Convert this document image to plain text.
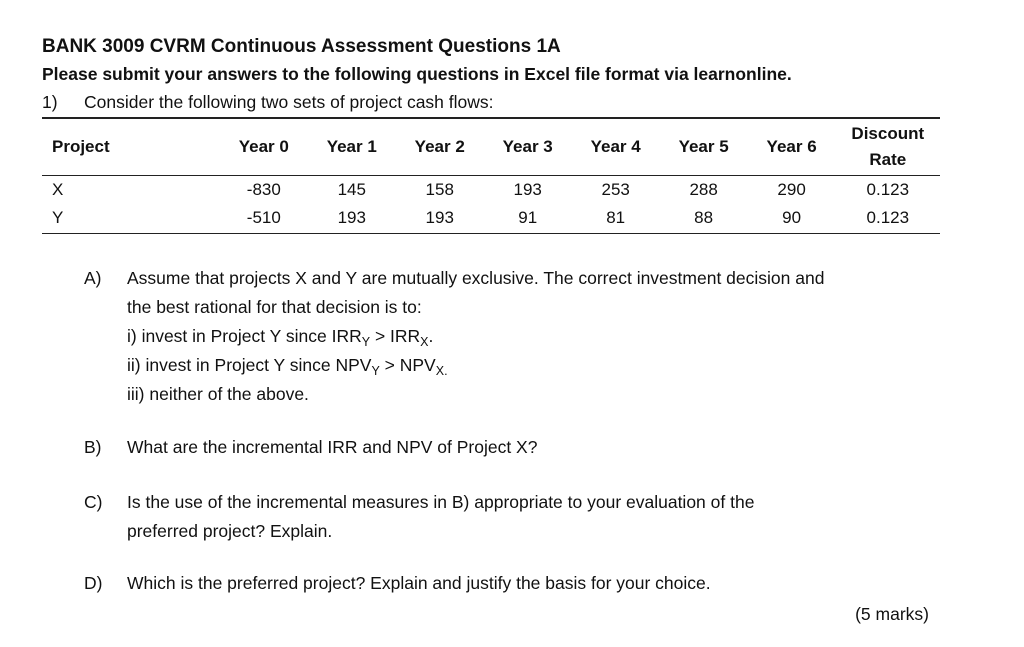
BANK 3009 CVRM Continuous Assessment Questions 1A
Please submit your answers to the following questions in Excel file format via learnonline.
1) Consider the following two sets of project cash flows:
Project	Year 0	Year 1	Year 2	Year 3	Year 4	Year 5	Year 6	Discount
Rate
X	-830	145	158	193	253	288	290	0.123
Y	-510	193	193	91	81	88	90	0.123
A)	Assume that projects X and Y are mutually exclusive. The correct investment decision and
the best rational for that decision is to:
i) invest in Project Y since $IRR_Y > IRR_X$.
ii) invest in Project Y since $NPV_Y > NPV_{X.}$
iii) neither of the above.
B)	What are the incremental IRR and NPV of Project X?
C)	Is the use of the incremental measures in B) appropriate to your evaluation of the
preferred project? Explain.
D)	Which is the preferred project? Explain and justify the basis for your choice.
(5 marks)
